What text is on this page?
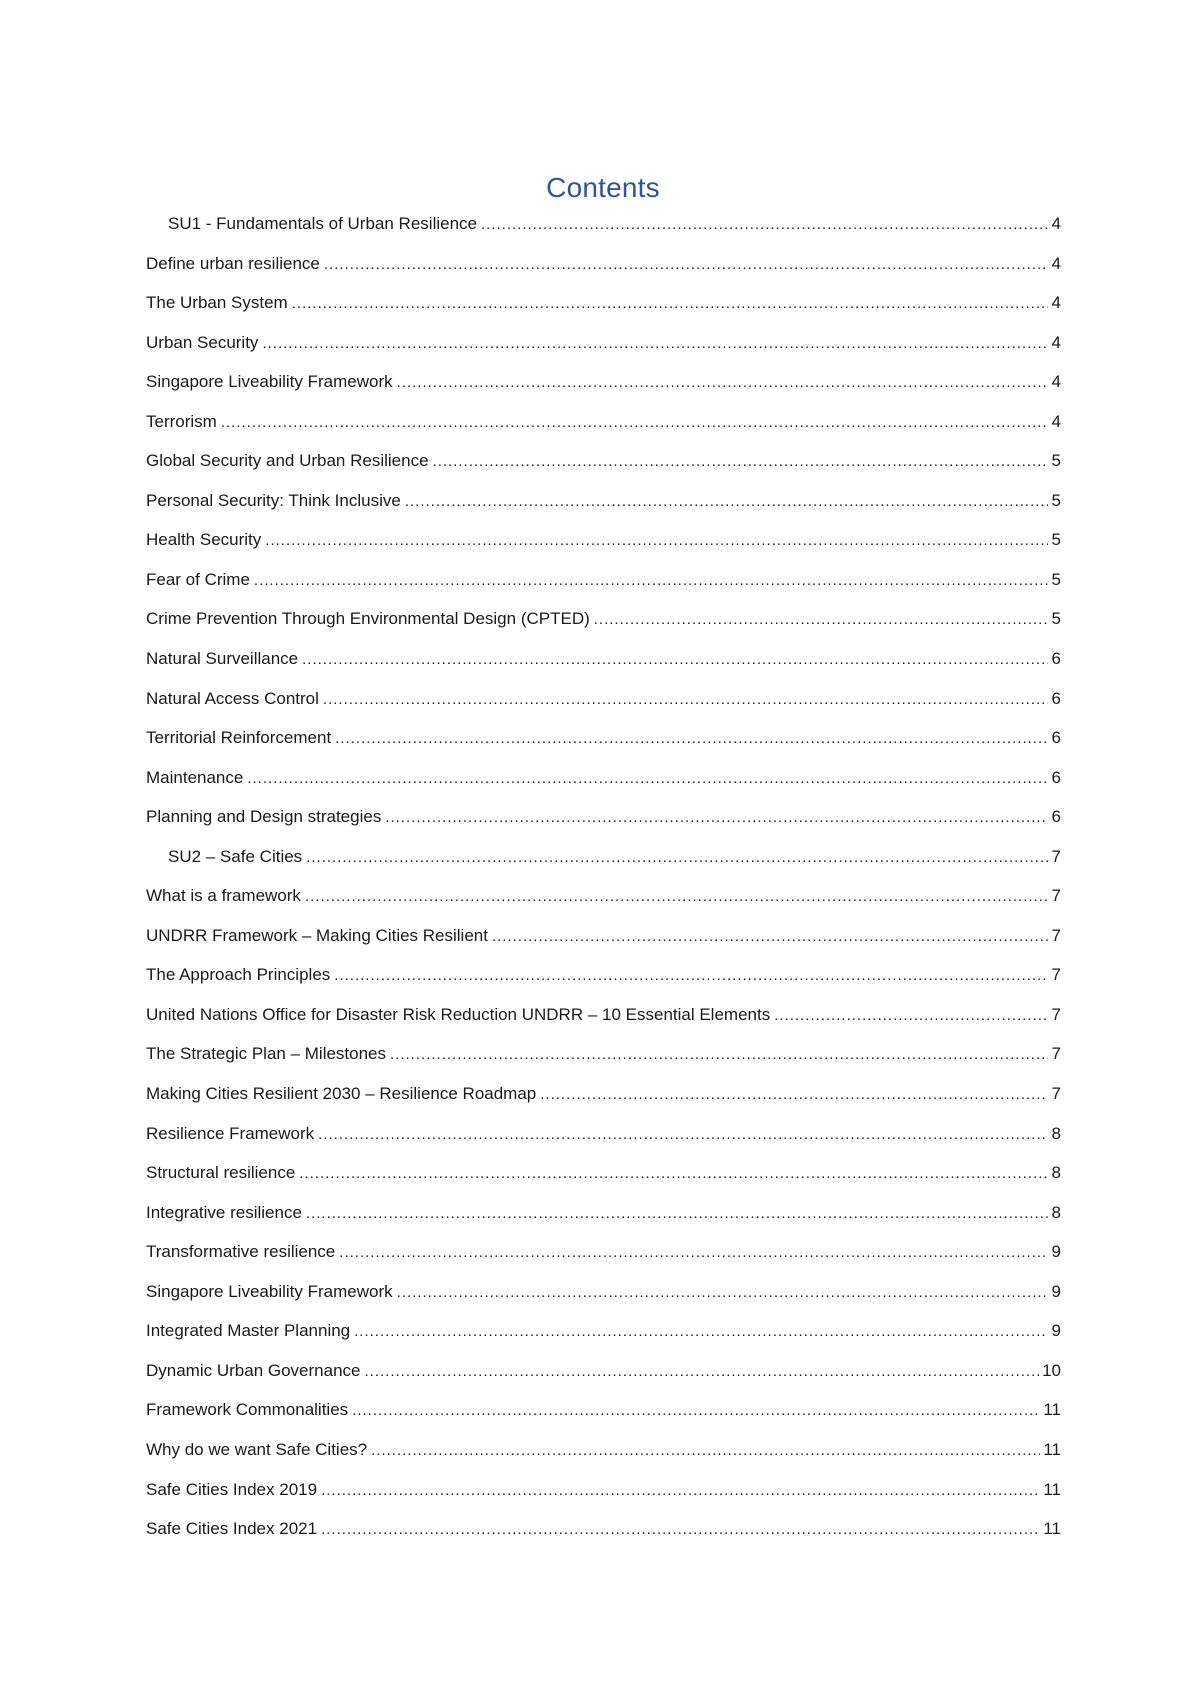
Contents
SU1 - Fundamentals of Urban Resilience .....	4
Define urban resilience .....	4
The Urban System .....	4
Urban Security .....	4
Singapore Liveability Framework .....	4
Terrorism .....	4
Global Security and Urban Resilience .....	5
Personal Security: Think Inclusive .....	5
Health Security .....	5
Fear of Crime .....	5
Crime Prevention Through Environmental Design (CPTED) .....	5
Natural Surveillance .....	6
Natural Access Control .....	6
Territorial Reinforcement .....	6
Maintenance .....	6
Planning and Design strategies .....	6
SU2 – Safe Cities .....	7
What is a framework .....	7
UNDRR Framework – Making Cities Resilient .....	7
The Approach Principles .....	7
United Nations Office for Disaster Risk Reduction UNDRR – 10 Essential Elements .....	7
The Strategic Plan – Milestones .....	7
Making Cities Resilient 2030 – Resilience Roadmap .....	7
Resilience Framework .....	8
Structural resilience .....	8
Integrative resilience .....	8
Transformative resilience .....	9
Singapore Liveability Framework .....	9
Integrated Master Planning .....	9
Dynamic Urban Governance .....	10
Framework Commonalities .....	11
Why do we want Safe Cities? .....	11
Safe Cities Index 2019 .....	11
Safe Cities Index 2021 .....	11
